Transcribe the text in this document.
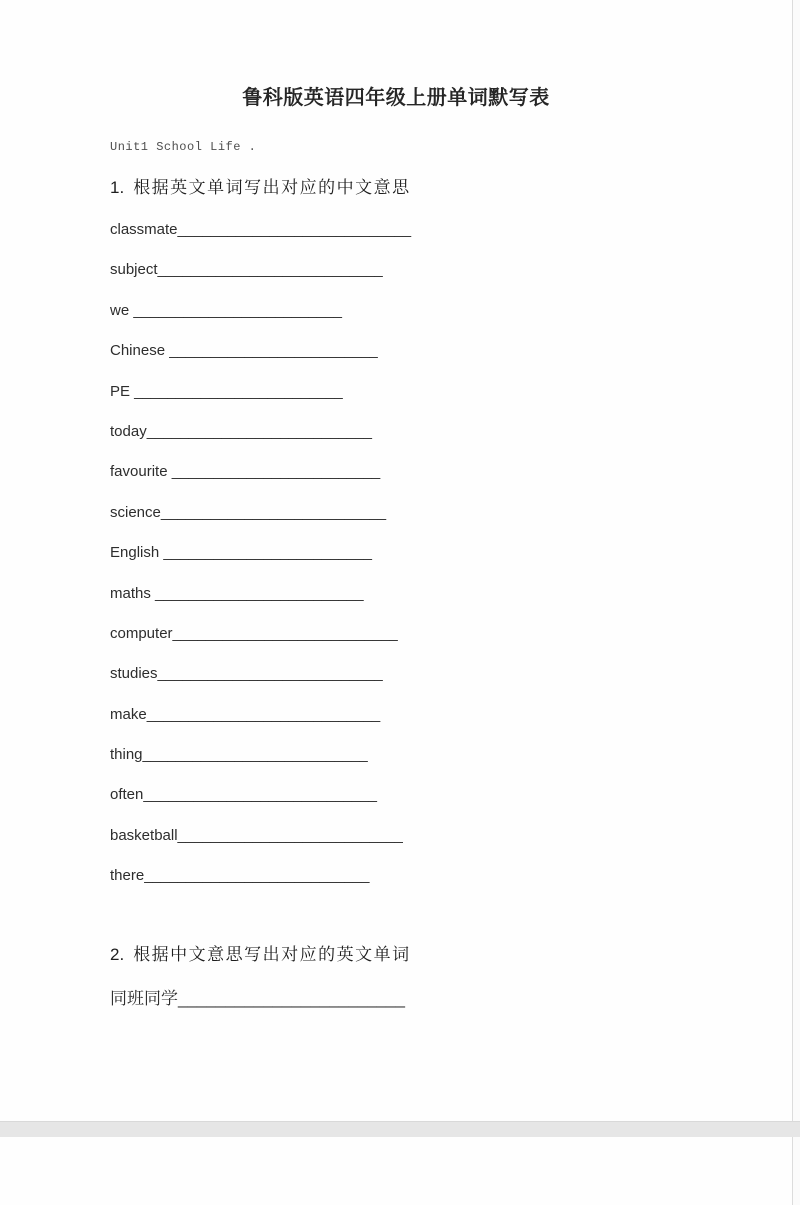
鲁科版英语四年级上册单词默写表
Unit1 School Life .
1. 根据英文单词写出对应的中文意思
classmate____________________________
subject___________________________
we _________________________
Chinese _________________________
PE _________________________
today___________________________
favourite _________________________
science___________________________
English _________________________
maths _________________________
computer___________________________
studies___________________________
make____________________________
thing___________________________
often____________________________
basketball___________________________
there___________________________
2. 根据中文意思写出对应的英文单词
同班同学________________________
